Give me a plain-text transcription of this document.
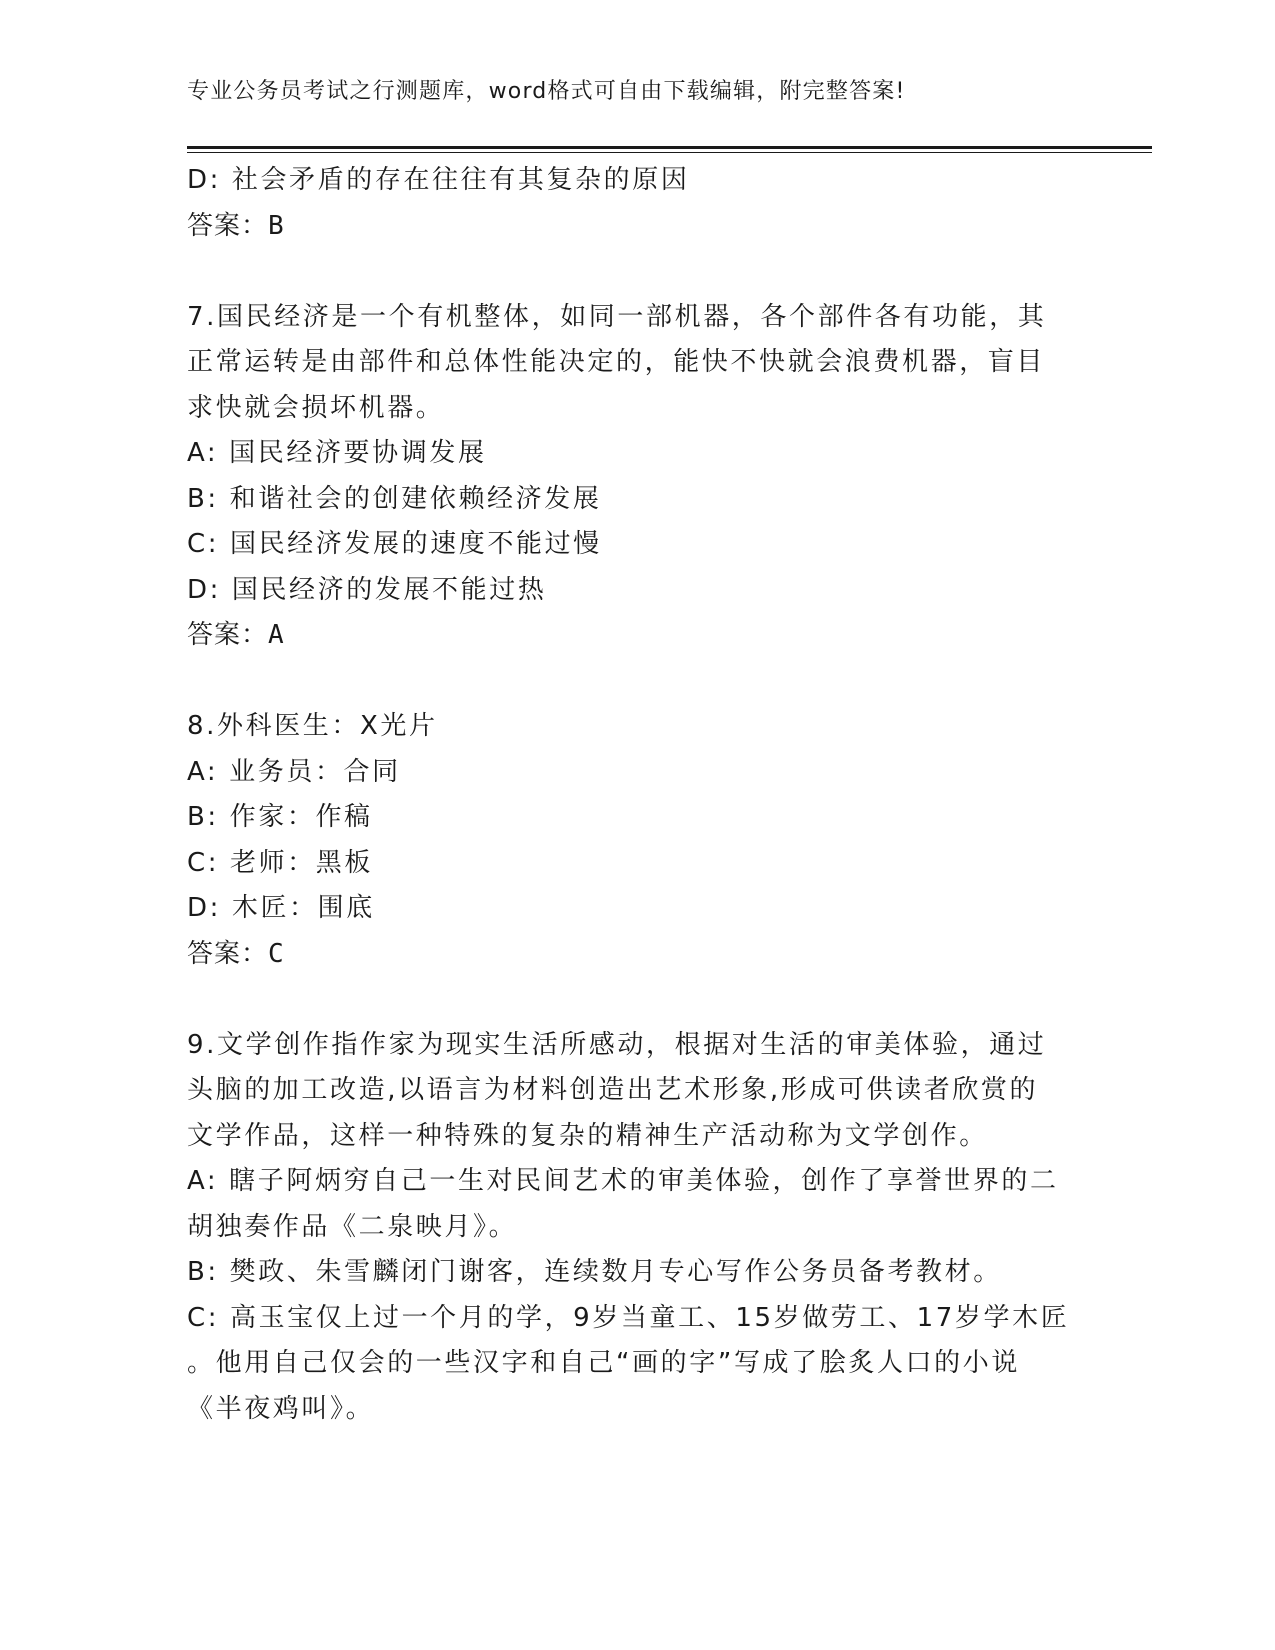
专业公务员考试之行测题库，word格式可自由下载编辑，附完整答案!
D: 社会矛盾的存在往往有其复杂的原因
答案：B
7.国民经济是一个有机整体，如同一部机器，各个部件各有功能，其
正常运转是由部件和总体性能决定的，能快不快就会浪费机器，盲目
求快就会损坏机器。
A: 国民经济要协调发展
B: 和谐社会的创建依赖经济发展
C: 国民经济发展的速度不能过慢
D: 国民经济的发展不能过热
答案：A
8.外科医生：X光片
A: 业务员：合同
B: 作家：作稿
C: 老师：黑板
D: 木匠：围底
答案：C
9.文学创作指作家为现实生活所感动，根据对生活的审美体验，通过
头脑的加工改造,以语言为材料创造出艺术形象,形成可供读者欣赏的
文学作品，这样一种特殊的复杂的精神生产活动称为文学创作。
A: 瞎子阿炳穷自己一生对民间艺术的审美体验，创作了享誉世界的二
胡独奏作品《二泉映月》。
B: 樊政、朱雪麟闭门谢客，连续数月专心写作公务员备考教材。
C: 高玉宝仅上过一个月的学，9岁当童工、15岁做劳工、17岁学木匠
。他用自己仅会的一些汉字和自己“画的字”写成了脍炙人口的小说
《半夜鸡叫》。
